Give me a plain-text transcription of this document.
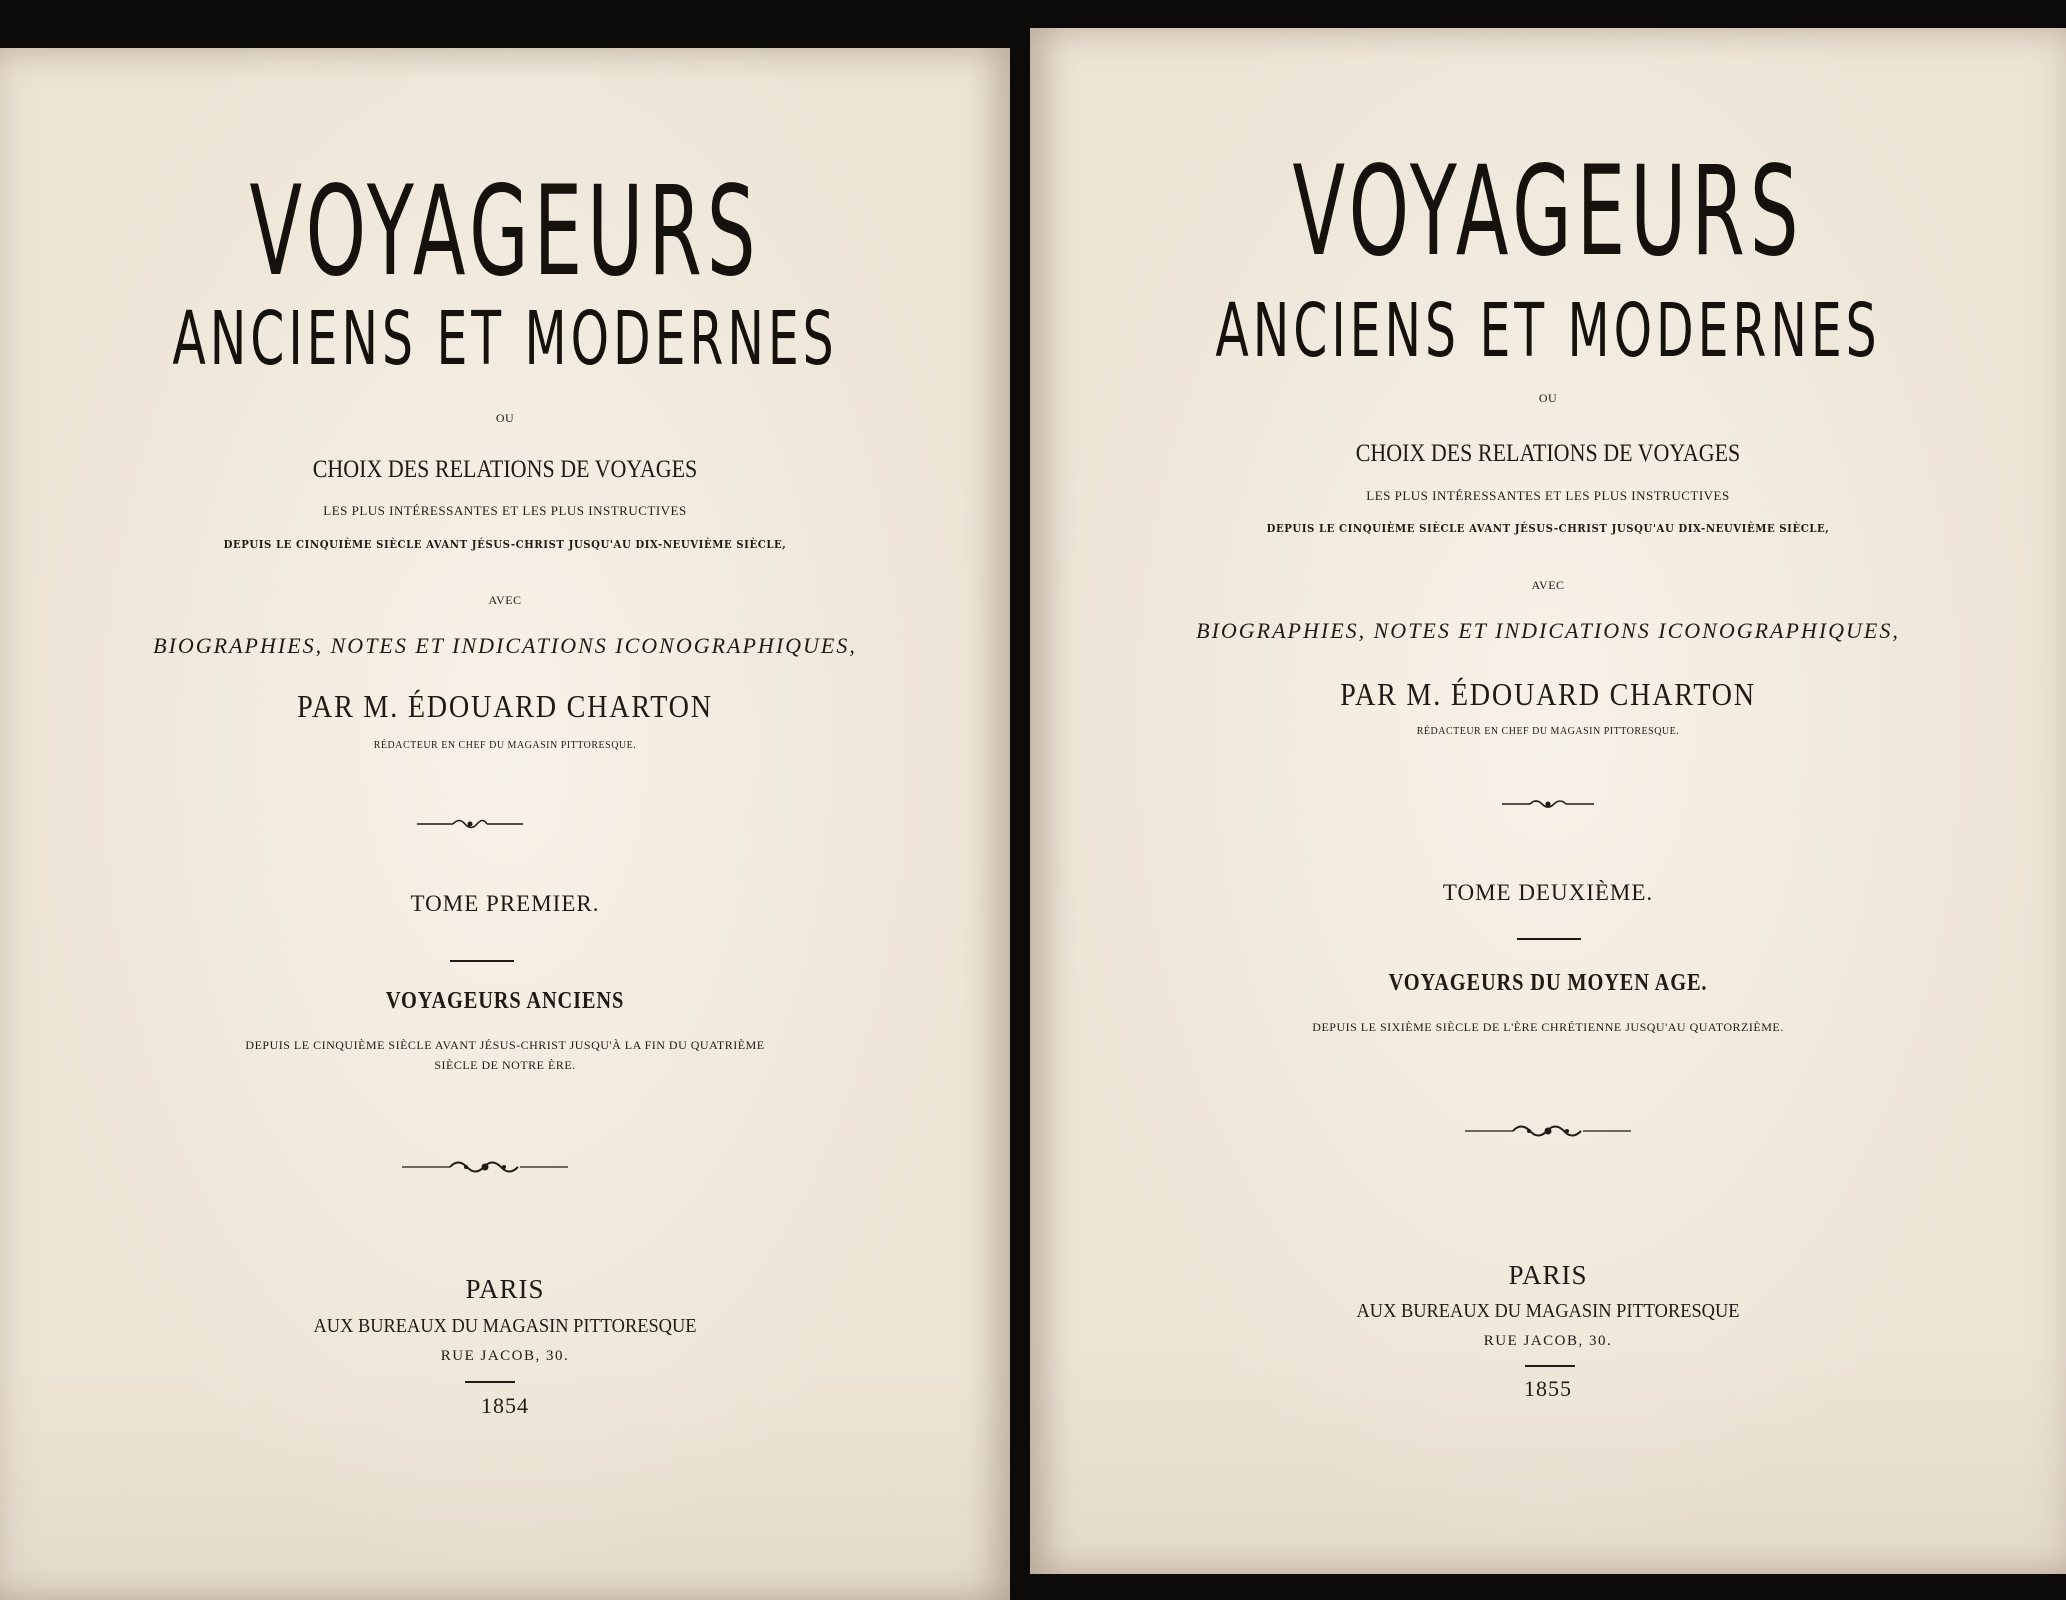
VOYAGEURS
ANCIENS ET MODERNES
OU
CHOIX DES RELATIONS DE VOYAGES
LES PLUS INTÉRESSANTES ET LES PLUS INSTRUCTIVES
DEPUIS LE CINQUIÈME SIÈCLE AVANT JÉSUS-CHRIST JUSQU'AU DIX-NEUVIÈME SIÈCLE,
AVEC
BIOGRAPHIES, NOTES ET INDICATIONS ICONOGRAPHIQUES,
PAR M. ÉDOUARD CHARTON
RÉDACTEUR EN CHEF DU MAGASIN PITTORESQUE.
TOME PREMIER.
VOYAGEURS ANCIENS
DEPUIS LE CINQUIÈME SIÈCLE AVANT JÉSUS-CHRIST JUSQU'À LA FIN DU QUATRIÈME
SIÈCLE DE NOTRE ÈRE.
PARIS
AUX BUREAUX DU MAGASIN PITTORESQUE
RUE JACOB, 30.
1854
VOYAGEURS
ANCIENS ET MODERNES
OU
CHOIX DES RELATIONS DE VOYAGES
LES PLUS INTÉRESSANTES ET LES PLUS INSTRUCTIVES
DEPUIS LE CINQUIÈME SIÈCLE AVANT JÉSUS-CHRIST JUSQU'AU DIX-NEUVIÈME SIÈCLE,
AVEC
BIOGRAPHIES, NOTES ET INDICATIONS ICONOGRAPHIQUES,
PAR M. ÉDOUARD CHARTON
RÉDACTEUR EN CHEF DU MAGASIN PITTORESQUE.
TOME DEUXIÈME.
VOYAGEURS DU MOYEN AGE.
DEPUIS LE SIXIÈME SIÈCLE DE L'ÈRE CHRÉTIENNE JUSQU'AU QUATORZIÈME.
PARIS
AUX BUREAUX DU MAGASIN PITTORESQUE
RUE JACOB, 30.
1855
